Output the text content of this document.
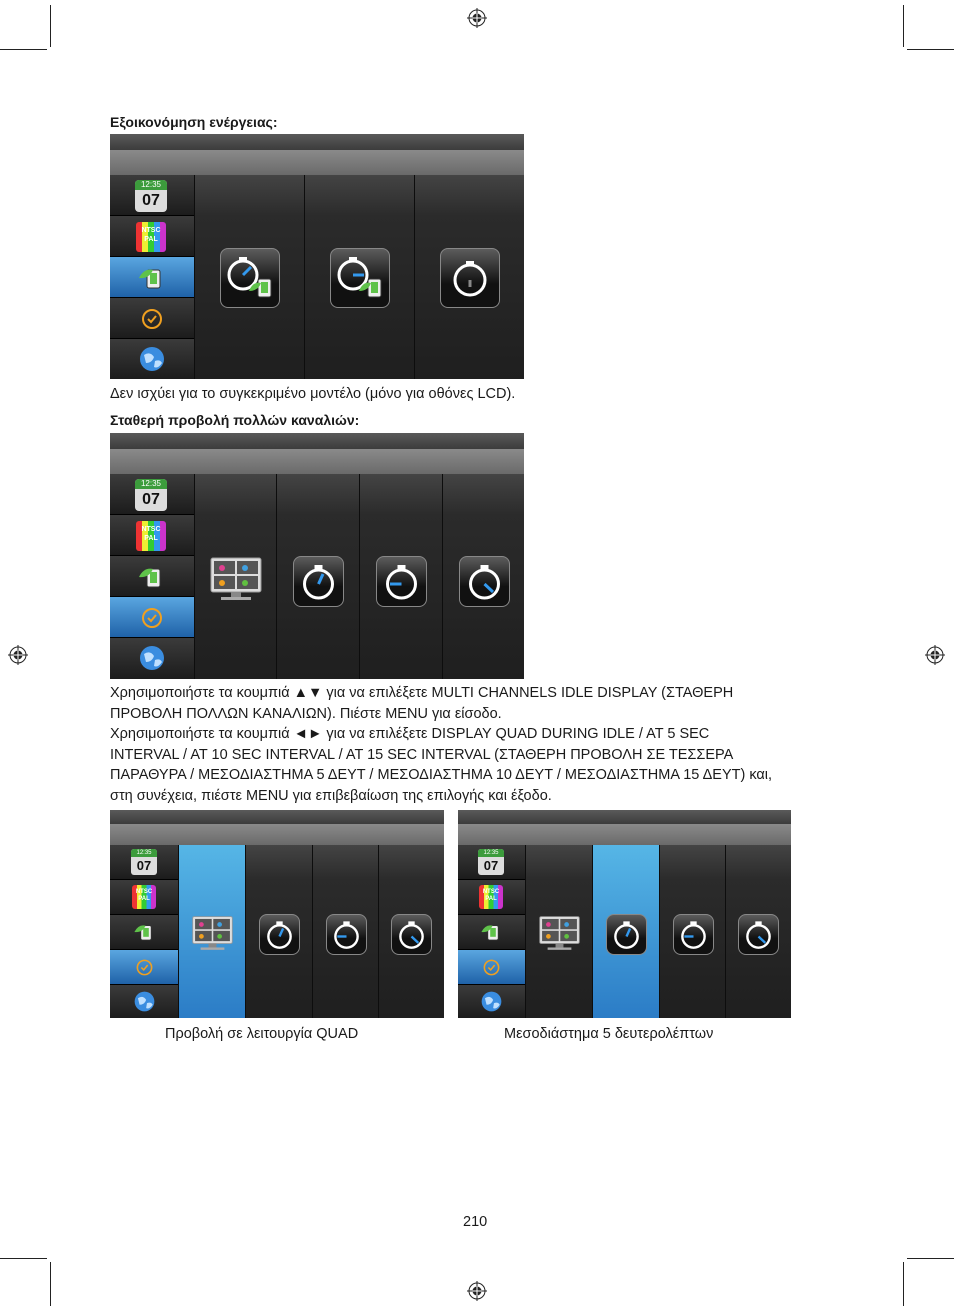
Εξοικονόμηση ενέργειας:
12:35
07
NTSC
PAL
Δεν ισχύει για το συγκεκριμένο μοντέλο (μόνο για οθόνες LCD).
Σταθερή προβολή πολλών καναλιών:
12:35
07
NTSC
PAL
Χρησιμοποιήστε τα κουμπιά ▲▼ για να επιλέξετε MULTI CHANNELS IDLE DISPLAY (ΣΤΑΘΕΡΗ
ΠΡΟΒΟΛΗ ΠΟΛΛΩΝ ΚΑΝΑΛΙΩΝ). Πιέστε MENU για είσοδο.
Χρησιμοποιήστε τα κουμπιά ◄► για να επιλέξετε DISPLAY QUAD DURING IDLE / AT 5 SEC
INTERVAL / AT 10 SEC INTERVAL / AT 15 SEC INTERVAL (ΣΤΑΘΕΡΗ ΠΡΟΒΟΛΗ ΣΕ ΤΕΣΣΕΡΑ
ΠΑΡΑΘΥΡΑ / ΜΕΣΟΔΙΑΣΤΗΜΑ 5 ΔΕΥΤ / ΜΕΣΟΔΙΑΣΤΗΜΑ 10 ΔΕΥΤ / ΜΕΣΟΔΙΑΣΤΗΜΑ 15 ΔΕΥΤ) και,
στη συνέχεια, πιέστε MENU για επιβεβαίωση της επιλογής και έξοδο.
12:35
07
NTSC
PAL
12:35
07
NTSC
PAL
Προβολή σε λειτουργία QUAD	Μεσοδιάστημα 5 δευτερολέπτων
210
